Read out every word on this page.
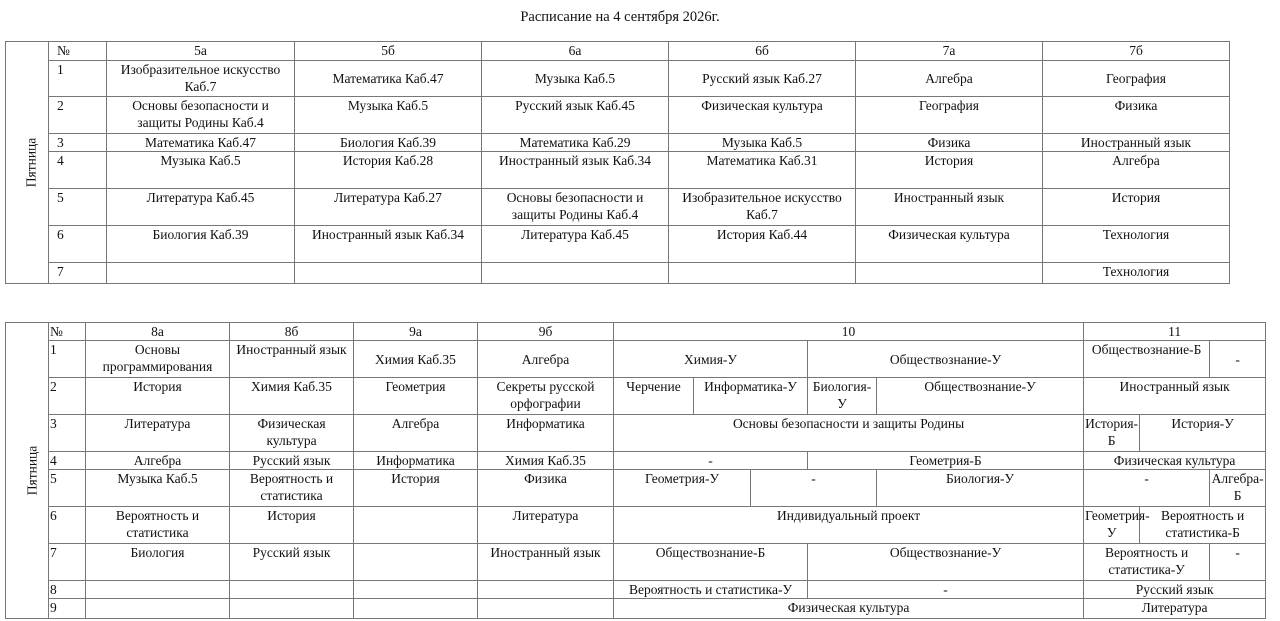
Расписание на 4 сентября 2026г.
Пятница	№	5а	5б	6а	6б	7а	7б
	1	Изобразительное искусство Каб.7	Математика Каб.47	Музыка Каб.5	Русский язык Каб.27	Алгебра	География
	2	Основы безопасности и защиты Родины Каб.4	Музыка Каб.5	Русский язык Каб.45	Физическая культура	География	Физика
	3	Математика Каб.47	Биология Каб.39	Математика Каб.29	Музыка Каб.5	Физика	Иностранный язык
	4	Музыка Каб.5	История Каб.28	Иностранный язык Каб.34	Математика Каб.31	История	Алгебра
	5	Литература Каб.45	Литература Каб.27	Основы безопасности и защиты Родины Каб.4	Изобразительное искусство Каб.7	Иностранный язык	История
	6	Биология Каб.39	Иностранный язык Каб.34	Литература Каб.45	История Каб.44	Физическая культура	Технология
	7						Технология
Пятница	№	8а	8б	9а	9б	10					11		
	1	Основы программирования	Иностранный язык	Химия Каб.35	Алгебра	Химия-У			Обществознание-У		Обществознание-Б		-
	2	История	Химия Каб.35	Геометрия	Секреты русской орфографии	Черчение	Информатика-У		Биология-У	Обществознание-У	Иностранный язык		
	3	Литература	Физическая культура	Алгебра	Информатика	Основы безопасности и защиты Родины					История-Б	История-У	
	4	Алгебра	Русский язык	Информатика	Химия Каб.35	-			Геометрия-Б		Физическая культура		
	5	Музыка Каб.5	Вероятность и статистика	История	Физика	Геометрия-У		-		Биология-У	-		Алгебра-Б
	6	Вероятность и статистика	История		Литература	Индивидуальный проект					Геометрия-У	Вероятность и статистика-Б	
	7	Биология	Русский язык		Иностранный язык	Обществознание-Б			Обществознание-У		Вероятность и статистика-У		-
	8					Вероятность и статистика-У			-		Русский язык		
	9					Физическая культура					Литература		
